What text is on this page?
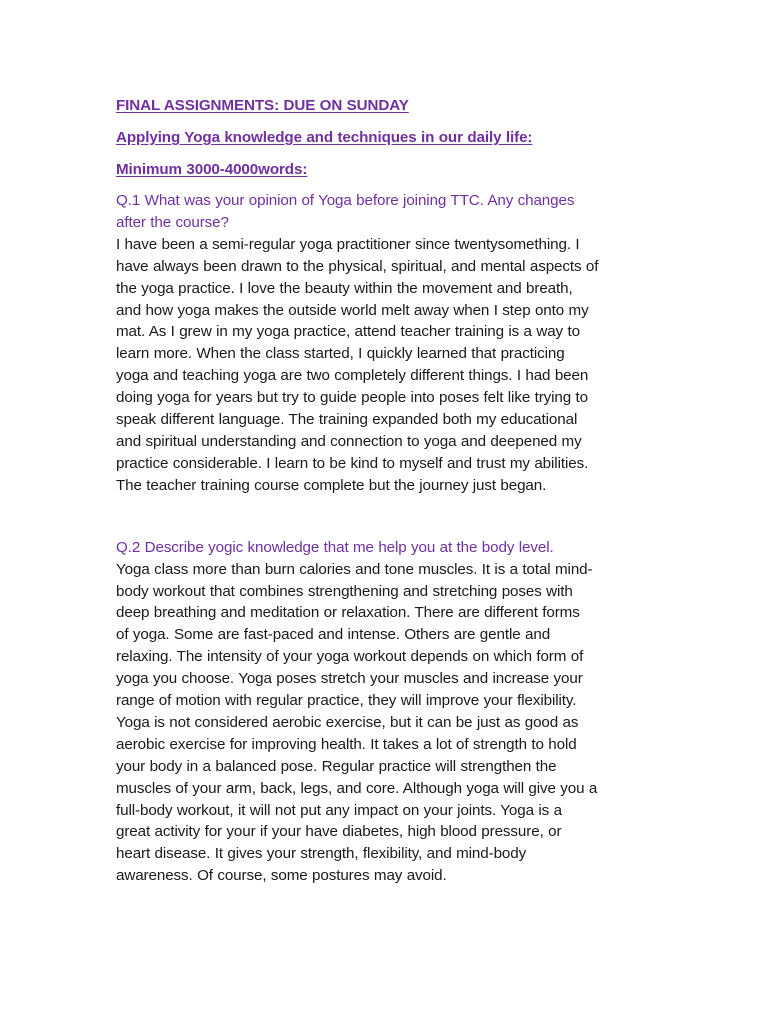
FINAL ASSIGNMENTS: DUE ON SUNDAY

Applying Yoga knowledge and techniques in our daily life:

Minimum 3000-4000words:

Q.1 What was your opinion of Yoga before joining TTC. Any changes
after the course?

I have been a semi-regular yoga practitioner since twentysomething. I
have always been drawn to the physical, spiritual, and mental aspects of
the yoga practice. I love the beauty within the movement and breath,
and how yoga makes the outside world melt away when I step onto my
mat. As I grew in my yoga practice, attend teacher training is a way to
learn more. When the class started, I quickly learned that practicing
yoga and teaching yoga are two completely different things. I had been
doing yoga for years but try to guide people into poses felt like trying to
speak different language. The training expanded both my educational
and spiritual understanding and connection to yoga and deepened my
practice considerable. I learn to be kind to myself and trust my abilities.
The teacher training course complete but the journey just began.

Q.2 Describe yogic knowledge that me help you at the body level.

Yoga class more than burn calories and tone muscles. It is a total mind-
body workout that combines strengthening and stretching poses with
deep breathing and meditation or relaxation. There are different forms
of yoga. Some are fast-paced and intense. Others are gentle and
relaxing. The intensity of your yoga workout depends on which form of
yoga you choose. Yoga poses stretch your muscles and increase your
range of motion with regular practice, they will improve your flexibility.
Yoga is not considered aerobic exercise, but it can be just as good as
aerobic exercise for improving health. It takes a lot of strength to hold
your body in a balanced pose. Regular practice will strengthen the
muscles of your arm, back, legs, and core. Although yoga will give you a
full-body workout, it will not put any impact on your joints. Yoga is a
great activity for your if your have diabetes, high blood pressure, or
heart disease. It gives your strength, flexibility, and mind-body
awareness. Of course, some postures may avoid.
